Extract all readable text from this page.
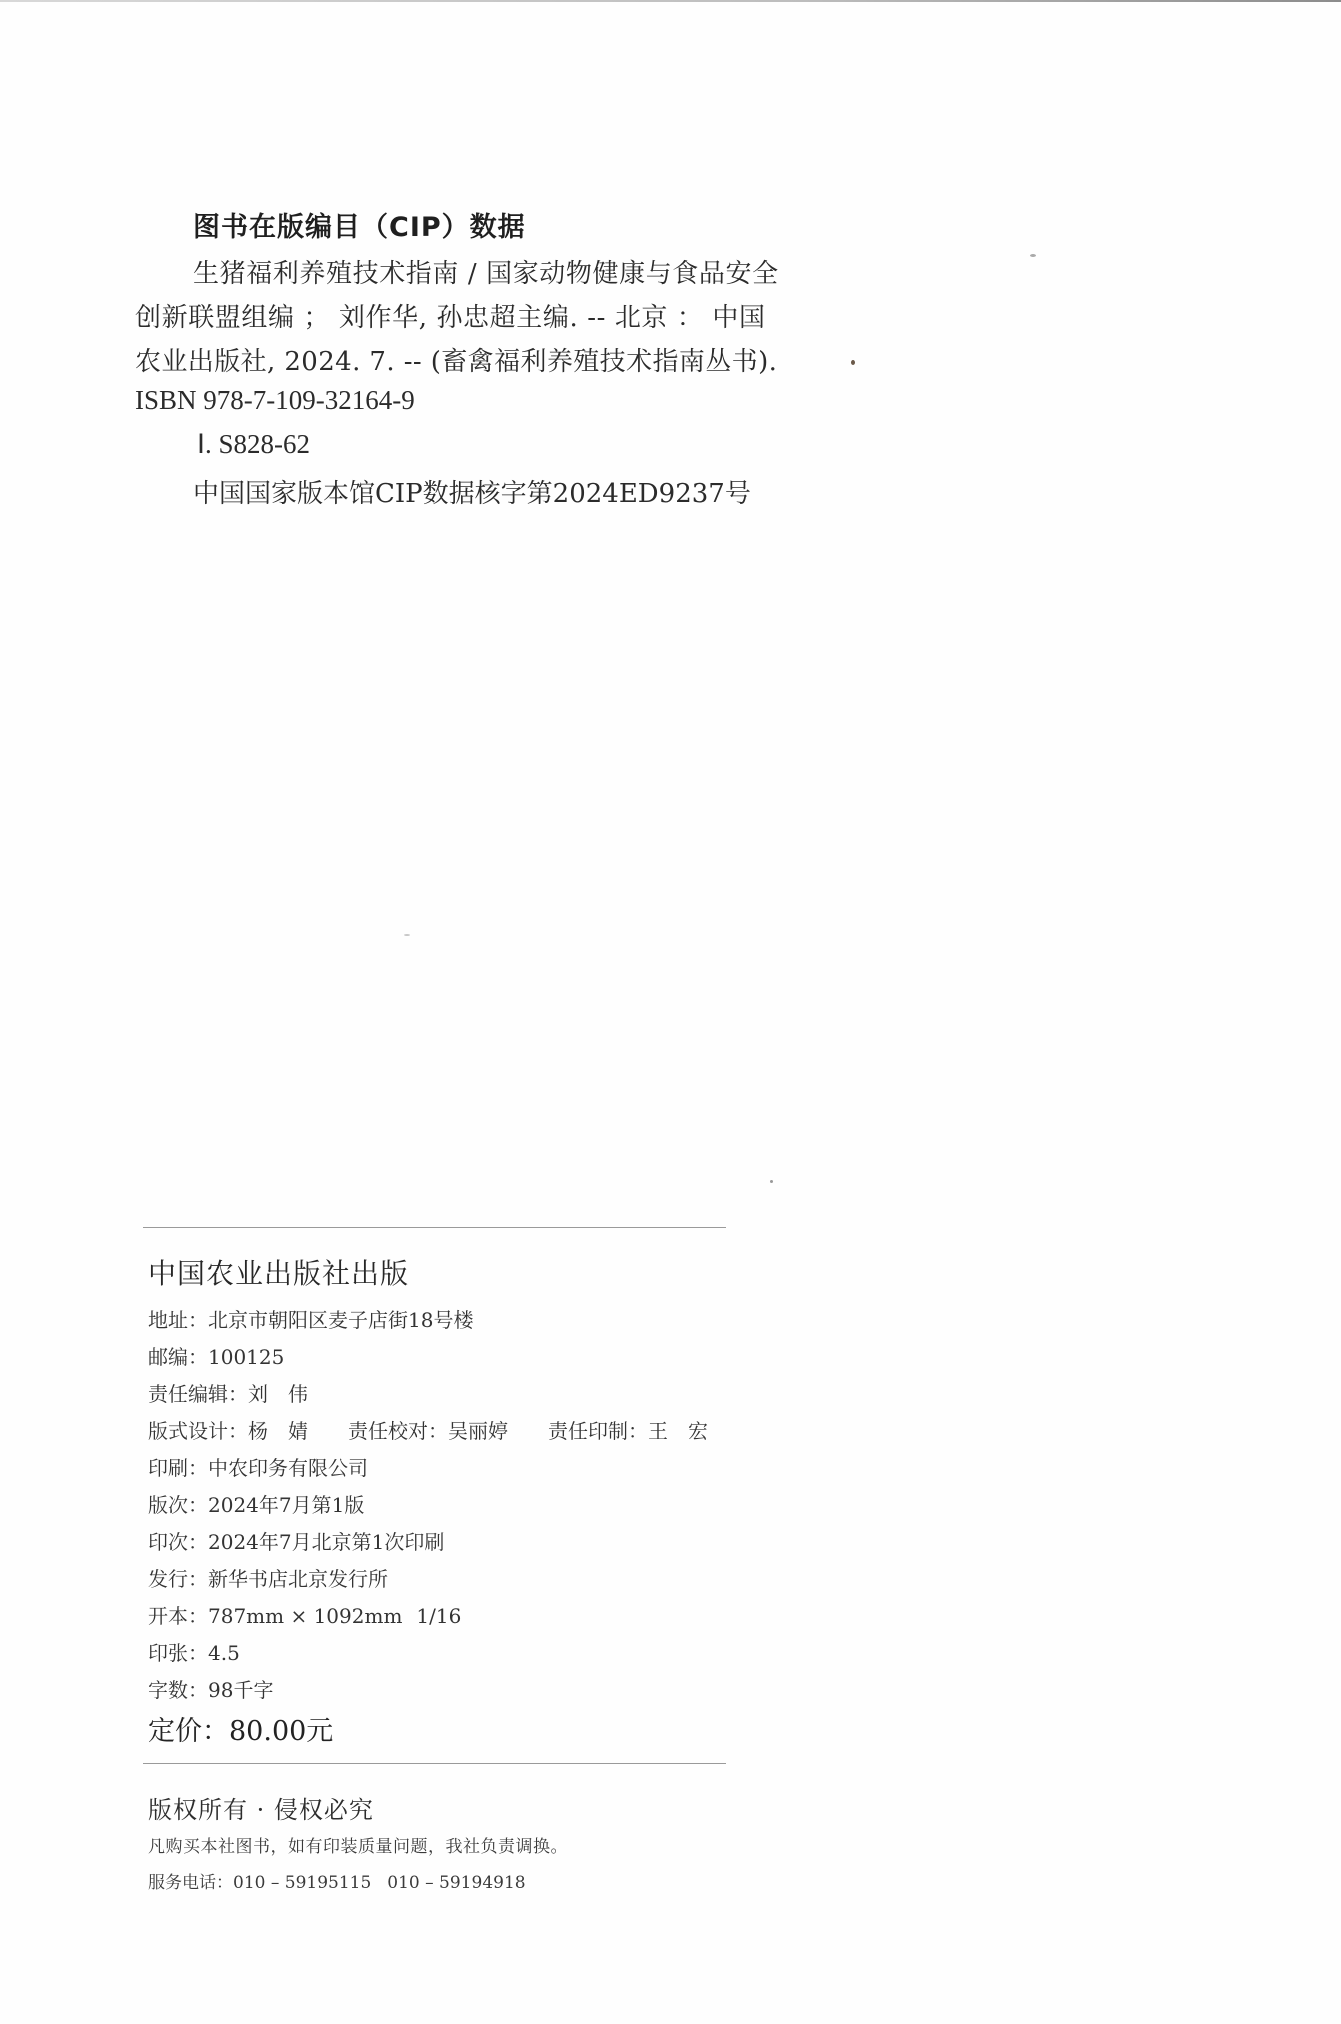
图书在版编目（CIP）数据
生猪福利养殖技术指南 / 国家动物健康与食品安全
创新联盟组编 ； 刘作华, 孙忠超主编. -- 北京 ： 中国
农业出版社, 2024. 7. -- (畜禽福利养殖技术指南丛书).
ISBN 978-7-109-32164-9
Ⅰ. S828-62
中国国家版本馆CIP数据核字第2024ED9237号
中国农业出版社出版
地址：北京市朝阳区麦子店街18号楼
邮编：100125
责任编辑：刘　伟
版式设计：杨　婧 责任校对：吴丽婷 责任印制：王　宏
印刷：中农印务有限公司
版次：2024年7月第1版
印次：2024年7月北京第1次印刷
发行：新华书店北京发行所
开本：787mm × 1092mm 1/16
印张：4.5
字数：98千字
定价：80.00元
版权所有 · 侵权必究
凡购买本社图书，如有印装质量问题，我社负责调换。
服务电话：010 – 59195115 010 – 59194918
